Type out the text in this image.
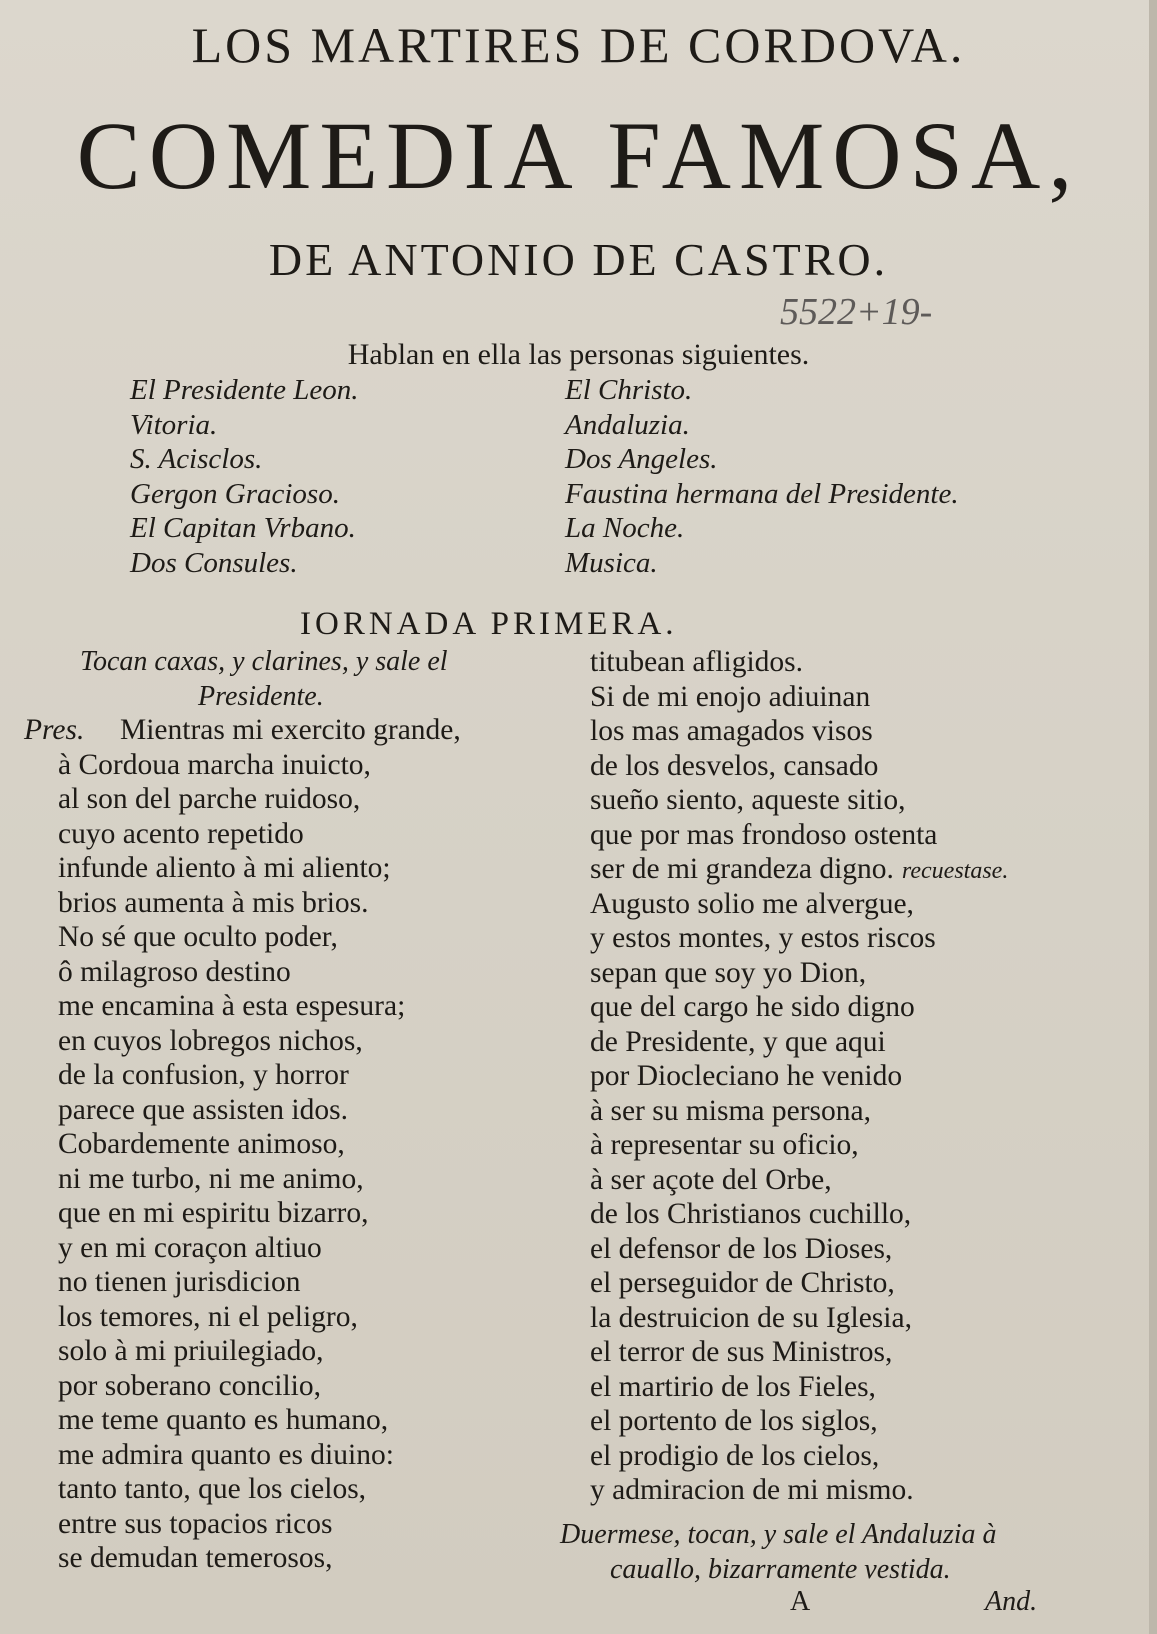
LOS MARTIRES DE CORDOVA.
COMEDIA FAMOSA,
DE ANTONIO DE CASTRO.
5522+19-
Hablan en ella las personas siguientes.
El Presidente Leon.
Vitoria.
S. Acisclos.
Gergon Gracioso.
El Capitan Vrbano.
Dos Consules.
El Christo.
Andaluzia.
Dos Angeles.
Faustina hermana del Presidente.
La Noche.
Musica.
IORNADA PRIMERA.
Tocan caxas, y clarines, y sale el
Presidente.
Pres.	Mientras mi exercito grande,
à Cordoua marcha inuicto,
al son del parche ruidoso,
cuyo acento repetido
infunde aliento à mi aliento;
brios aumenta à mis brios.
No sé que oculto poder,
ô milagroso destino
me encamina à esta espesura;
en cuyos lobregos nichos,
de la confusion, y horror
parece que assisten idos.
Cobardemente animoso,
ni me turbo, ni me animo,
que en mi espiritu bizarro,
y en mi coraçon altiuo
no tienen jurisdicion
los temores, ni el peligro,
solo à mi priuilegiado,
por soberano concilio,
me teme quanto es humano,
me admira quanto es diuino:
tanto tanto, que los cielos,
entre sus topacios ricos
se demudan temerosos,
titubean afligidos.
Si de mi enojo adiuinan
los mas amagados visos
de los desvelos, cansado
sueño siento, aqueste sitio,
que por mas frondoso ostenta
ser de mi grandeza digno. recuestase.
Augusto solio me alvergue,
y estos montes, y estos riscos
sepan que soy yo Dion,
que del cargo he sido digno
de Presidente, y que aqui
por Diocleciano he venido
à ser su misma persona,
à representar su oficio,
à ser açote del Orbe,
de los Christianos cuchillo,
el defensor de los Dioses,
el perseguidor de Christo,
la destruicion de su Iglesia,
el terror de sus Ministros,
el martirio de los Fieles,
el portento de los siglos,
el prodigio de los cielos,
y admiracion de mi mismo.
Duermese, tocan, y sale el Andaluzia à
cauallo, bizarramente vestida.
A	And.
